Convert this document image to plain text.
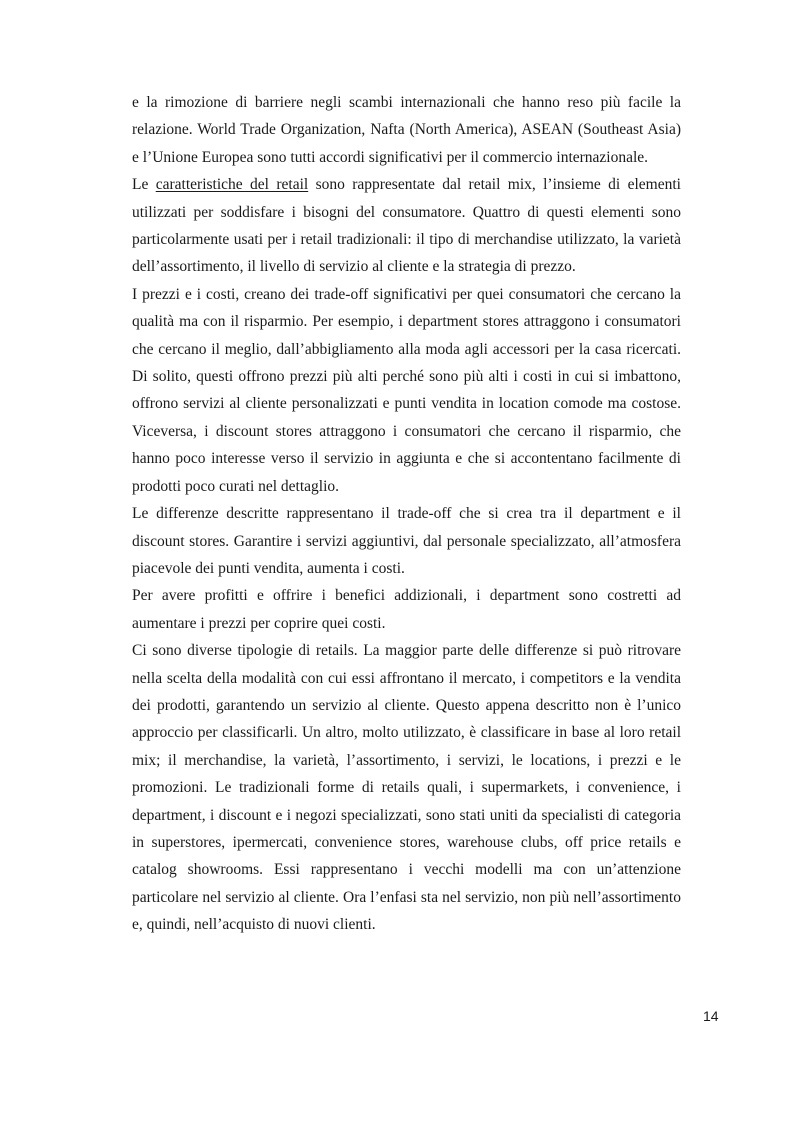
e la rimozione di barriere negli scambi internazionali che hanno reso più facile la relazione. World Trade Organization, Nafta (North America), ASEAN (Southeast Asia) e l’Unione Europea sono tutti accordi significativi per il commercio internazionale.

Le caratteristiche del retail sono rappresentate dal retail mix, l’insieme di elementi utilizzati per soddisfare i bisogni del consumatore. Quattro di questi elementi sono particolarmente usati per i retail tradizionali: il tipo di merchandise utilizzato, la varietà dell’assortimento, il livello di servizio al cliente e la strategia di prezzo.

I prezzi e i costi, creano dei trade-off significativi per quei consumatori che cercano la qualità ma con il risparmio. Per esempio, i department stores attraggono i consumatori che cercano il meglio, dall’abbigliamento alla moda agli accessori per la casa ricercati. Di solito, questi offrono prezzi più alti perché sono più alti i costi in cui si imbattono, offrono servizi al cliente personalizzati e punti vendita in location comode ma costose. Viceversa, i discount stores attraggono i consumatori che cercano il risparmio, che hanno poco interesse verso il servizio in aggiunta e che si accontentano facilmente di prodotti poco curati nel dettaglio.

Le differenze descritte rappresentano il trade-off che si crea tra il department e il discount stores. Garantire i servizi aggiuntivi, dal personale specializzato, all’atmosfera piacevole dei punti vendita, aumenta i costi.

Per avere profitti e offrire i benefici addizionali, i department sono costretti ad aumentare i prezzi per coprire quei costi.

Ci sono diverse tipologie di retails. La maggior parte delle differenze si può ritrovare nella scelta della modalità con cui essi affrontano il mercato, i competitors e la vendita dei prodotti, garantendo un servizio al cliente. Questo appena descritto non è l’unico approccio per classificarli. Un altro, molto utilizzato, è classificare in base al loro retail mix; il merchandise, la varietà, l’assortimento, i servizi, le locations, i prezzi e le promozioni. Le tradizionali forme di retails quali, i supermarkets, i convenience, i department, i discount e i negozi specializzati, sono stati uniti da specialisti di categoria in superstores, ipermercati, convenience stores, warehouse clubs, off price retails e catalog showrooms. Essi rappresentano i vecchi modelli ma con un’attenzione particolare nel servizio al cliente. Ora l’enfasi sta nel servizio, non più nell’assortimento e, quindi, nell’acquisto di nuovi clienti.

14
